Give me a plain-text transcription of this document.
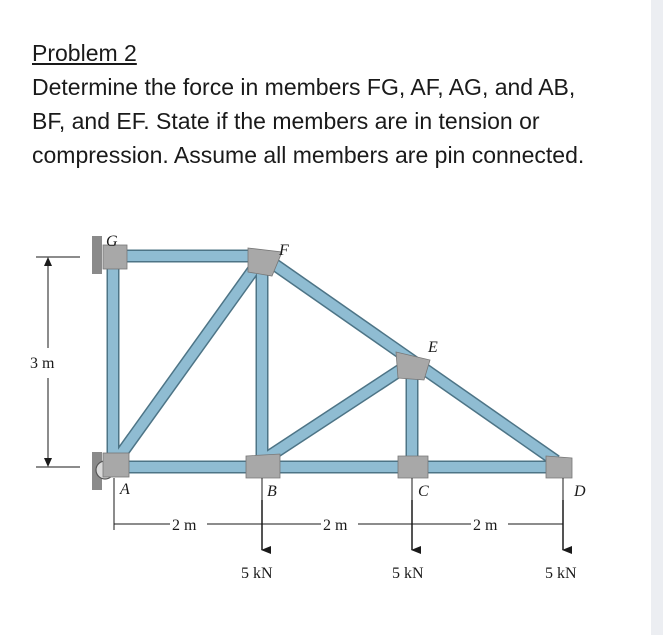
Problem 2
Determine the force in members FG, AF, AG, and AB, BF, and EF. State if the members are in tension or compression. Assume all members are pin connected.
G
F
E
A	B	C	D
3 m
2 m	2 m	2 m
5 kN	5 kN	5 kN
